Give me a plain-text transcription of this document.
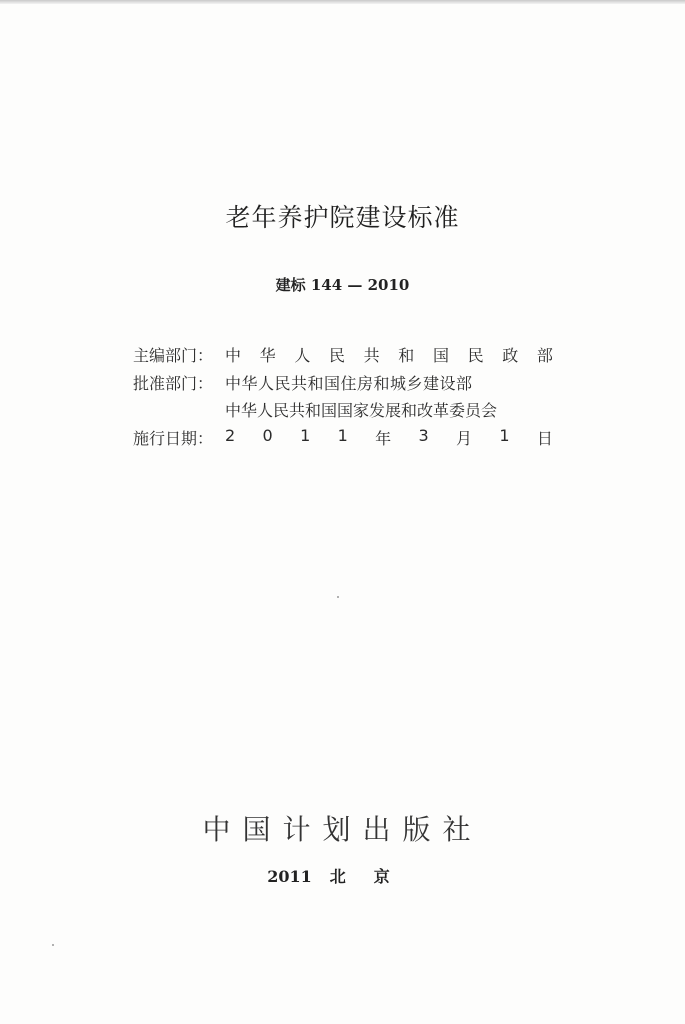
老年养护院建设标准
建标 144 — 2010
主编部门： 中 华 人 民 共 和 国 民 政 部
批准部门： 中华人民共和国住房和城乡建设部
中华人民共和国国家发展和改革委员会
施行日期： 2 0 1 1 年 3 月 1 日
中国计划出版社
2011 北京
